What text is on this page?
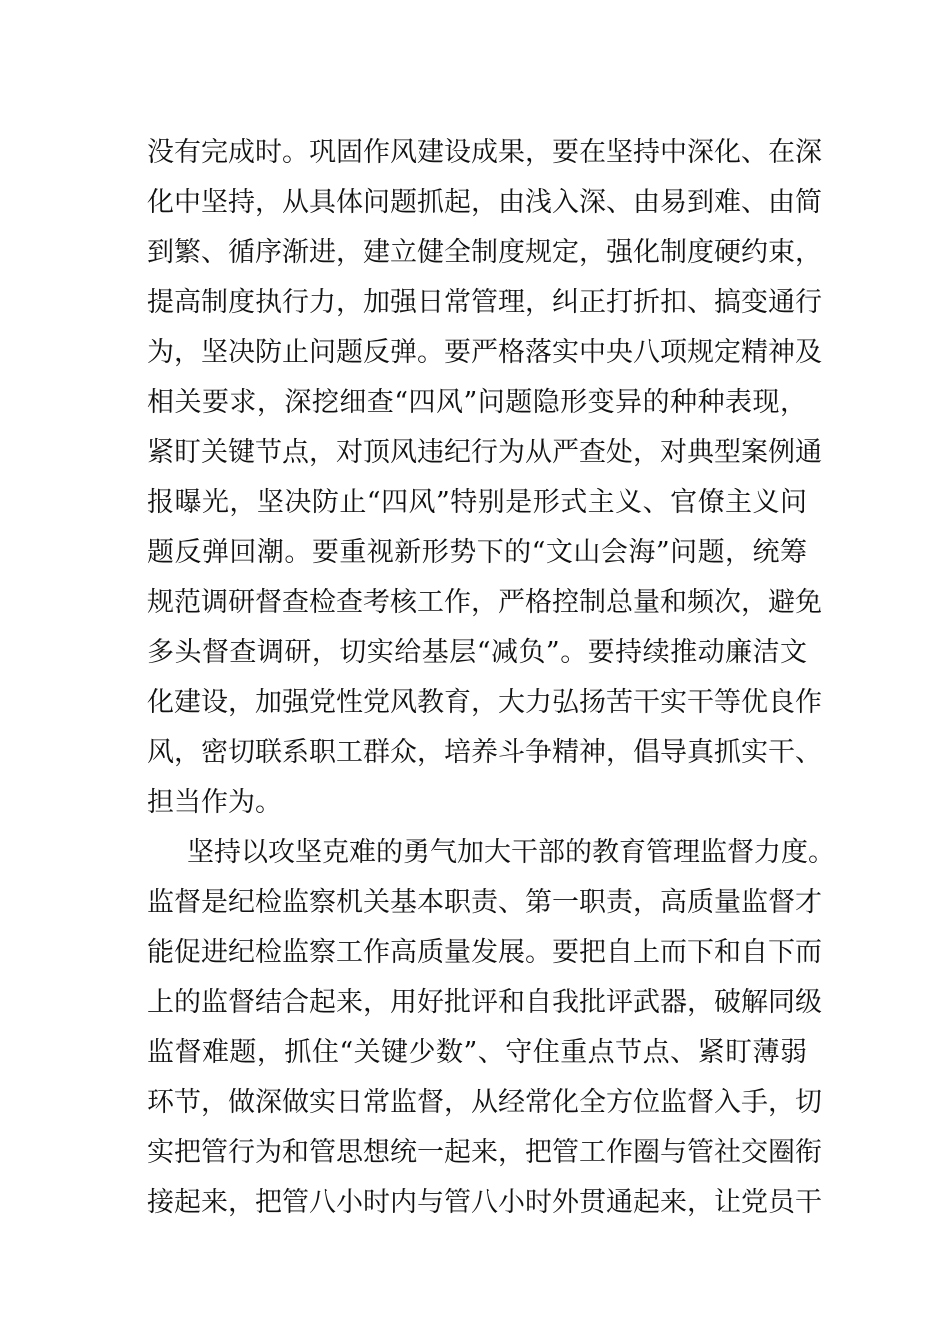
没有完成时。巩固作风建设成果，要在坚持中深化、在深
化中坚持，从具体问题抓起，由浅入深、由易到难、由简
到繁、循序渐进，建立健全制度规定，强化制度硬约束，
提高制度执行力，加强日常管理，纠正打折扣、搞变通行
为，坚决防止问题反弹。要严格落实中央八项规定精神及
相关要求，深挖细查“四风”问题隐形变异的种种表现，
紧盯关键节点，对顶风违纪行为从严查处，对典型案例通
报曝光，坚决防止“四风”特别是形式主义、官僚主义问
题反弹回潮。要重视新形势下的“文山会海”问题，统筹
规范调研督查检查考核工作，严格控制总量和频次，避免
多头督查调研，切实给基层“减负”。要持续推动廉洁文
化建设，加强党性党风教育，大力弘扬苦干实干等优良作
风，密切联系职工群众，培养斗争精神，倡导真抓实干、
担当作为。
坚持以攻坚克难的勇气加大干部的教育管理监督力度。
监督是纪检监察机关基本职责、第一职责，高质量监督才
能促进纪检监察工作高质量发展。要把自上而下和自下而
上的监督结合起来，用好批评和自我批评武器，破解同级
监督难题，抓住“关键少数”、守住重点节点、紧盯薄弱
环节，做深做实日常监督，从经常化全方位监督入手，切
实把管行为和管思想统一起来，把管工作圈与管社交圈衔
接起来，把管八小时内与管八小时外贯通起来，让党员干
